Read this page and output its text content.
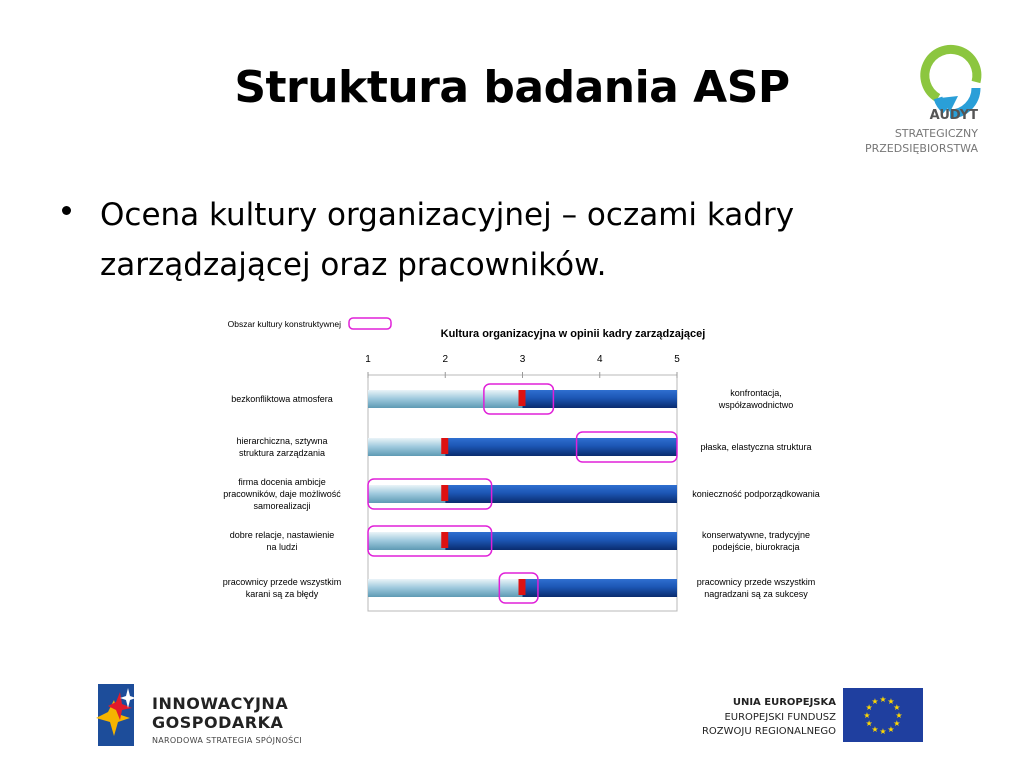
Struktura badania ASP
Ocena kultury organizacyjnej – oczami kadry zarządzającej oraz pracowników.
AUDYT
STRATEGICZNY
PRZEDSIĘBIORSTWA
Obszar kultury konstruktywnej
Kultura organizacyjna w opinii kadry zarządzającej
1	2	3	4	5
bezkonfliktowa atmosfera
konfrontacja, współzawodnictwo
hierarchiczna, sztywna struktura zarządzania
płaska, elastyczna struktura
firma docenia ambicje pracowników, daje możliwość samorealizacji
konieczność podporządkowania
dobre relacje, nastawienie na ludzi
konserwatywne, tradycyjne podejście, biurokracja
pracownicy przede wszystkim karani są za błędy
pracownicy przede wszystkim nagradzani są za sukcesy
INNOWACYJNA
GOSPODARKA
NARODOWA STRATEGIA SPÓJNOŚCI
UNIA EUROPEJSKA
EUROPEJSKI FUNDUSZ
ROZWOJU REGIONALNEGO
★
★
★
★
★
★
★
★
★ ★ ★
★
